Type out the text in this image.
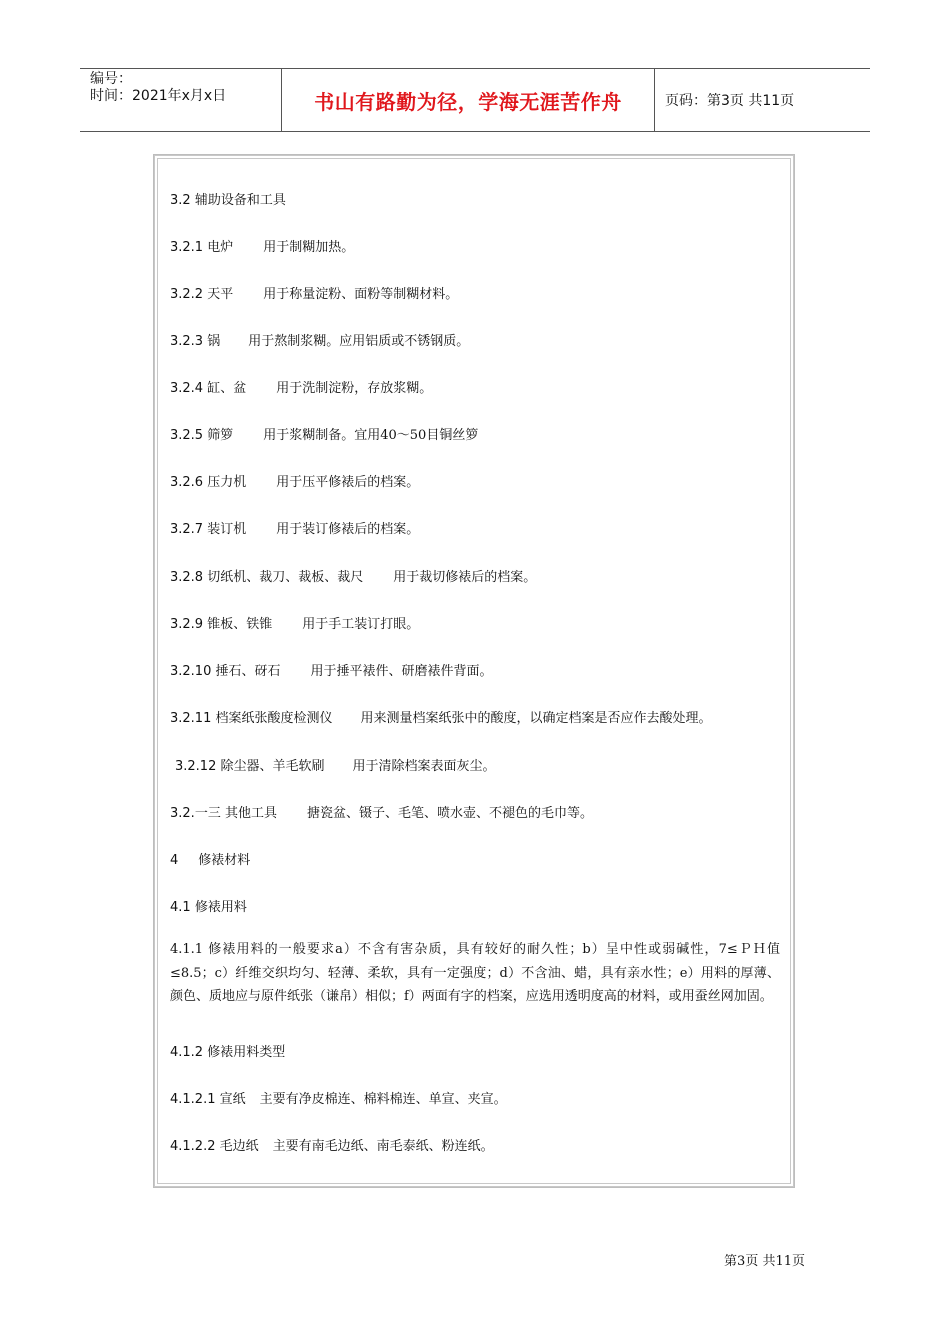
编号：
时间：2021年x月x日	书山有路勤为径，学海无涯苦作舟	页码：第3页 共11页
3.2 辅助设备和工具
3.2.1 电炉 用于制糊加热。
3.2.2 天平 用于称量淀粉、面粉等制糊材料。
3.2.3 锅 用于熬制浆糊。应用铝质或不锈钢质。
3.2.4 缸、盆 用于洗制淀粉，存放浆糊。
3.2.5 筛箩 用于浆糊制备。宜用40～50目铜丝箩
3.2.6 压力机 用于压平修裱后的档案。
3.2.7 装订机 用于装订修裱后的档案。
3.2.8 切纸机、裁刀、裁板、裁尺 用于裁切修裱后的档案。
3.2.9 锥板、铁锥 用于手工装订打眼。
3.2.10 捶石、砑石 用于捶平裱件、研磨裱件背面。
3.2.11 档案纸张酸度检测仪 用来测量档案纸张中的酸度，以确定档案是否应作去酸处理。
3.2.12 除尘器、羊毛软刷 用于清除档案表面灰尘。
3.2.一三 其他工具 搪瓷盆、镊子、毛笔、喷水壶、不褪色的毛巾等。
4 修裱材料
4.1 修裱用料
4.1.1 修裱用料的一般要求a）不含有害杂质，具有较好的耐久性；b）呈中性或弱碱性，7≤ＰＨ值≤8.5；c）纤维交织均匀、轻薄、柔软，具有一定强度；d）不含油、蜡，具有亲水性；e）用料的厚薄、颜色、质地应与原件纸张（谦帛）相似；f）两面有字的档案，应选用透明度高的材料，或用蚕丝网加固。
4.1.2 修裱用料类型
4.1.2.1 宣纸 主要有净皮棉连、棉料棉连、单宣、夹宣。
4.1.2.2 毛边纸 主要有南毛边纸、南毛泰纸、粉连纸。
第3页 共11页
